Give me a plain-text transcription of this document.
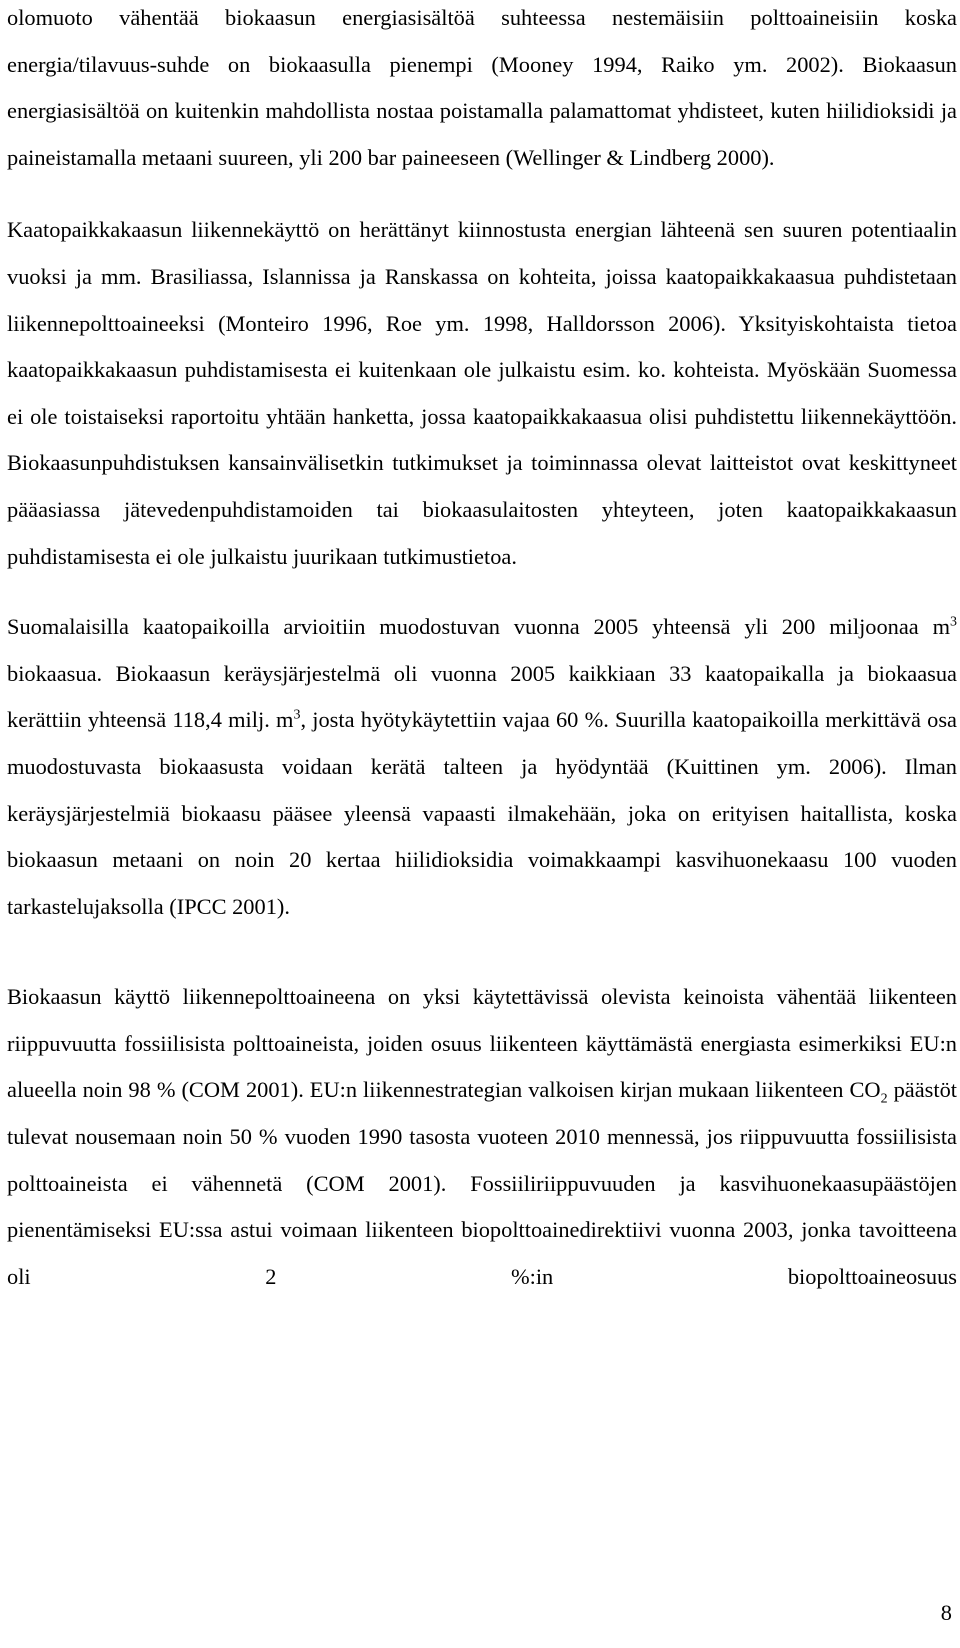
olomuoto vähentää biokaasun energiasisältöä suhteessa nestemäisiin polttoaineisiin koska energia/tilavuus-suhde on biokaasulla pienempi (Mooney 1994, Raiko ym. 2002). Biokaasun energiasisältöä on kuitenkin mahdollista nostaa poistamalla palamattomat yhdisteet, kuten hiilidioksidi ja paineistamalla metaani suureen, yli 200 bar paineeseen (Wellinger & Lindberg 2000).

Kaatopaikkakaasun liikennekäyttö on herättänyt kiinnostusta energian lähteenä sen suuren potentiaalin vuoksi ja mm. Brasiliassa, Islannissa ja Ranskassa on kohteita, joissa kaatopaikkakaasua puhdistetaan liikennepolttoaineeksi (Monteiro 1996, Roe ym. 1998, Halldorsson 2006). Yksityiskohtaista tietoa kaatopaikkakaasun puhdistamisesta ei kuitenkaan ole julkaistu esim. ko. kohteista. Myöskään Suomessa ei ole toistaiseksi raportoitu yhtään hanketta, jossa kaatopaikkakaasua olisi puhdistettu liikennekäyttöön. Biokaasunpuhdistuksen kansainvälisetkin tutkimukset ja toiminnassa olevat laitteistot ovat keskittyneet pääasiassa jätevedenpuhdistamoiden tai biokaasulaitosten yhteyteen, joten kaatopaikkakaasun puhdistamisesta ei ole julkaistu juurikaan tutkimustietoa.

Suomalaisilla kaatopaikoilla arvioitiin muodostuvan vuonna 2005 yhteensä yli 200 miljoonaa $m^3$ biokaasua. Biokaasun keräysjärjestelmä oli vuonna 2005 kaikkiaan 33 kaatopaikalla ja biokaasua kerättiin yhteensä 118,4 milj. $m^3$, josta hyötykäytettiin vajaa 60 %. Suurilla kaatopaikoilla merkittävä osa muodostuvasta biokaasusta voidaan kerätä talteen ja hyödyntää (Kuittinen ym. 2006). Ilman keräysjärjestelmiä biokaasu pääsee yleensä vapaasti ilmakehään, joka on erityisen haitallista, koska biokaasun metaani on noin 20 kertaa hiilidioksidia voimakkaampi kasvihuonekaasu 100 vuoden tarkastelujaksolla (IPCC 2001).

Biokaasun käyttö liikennepolttoaineena on yksi käytettävissä olevista keinoista vähentää liikenteen riippuvuutta fossiilisista polttoaineista, joiden osuus liikenteen käyttämästä energiasta esimerkiksi EU:n alueella noin 98 % (COM 2001). EU:n liikennestrategian valkoisen kirjan mukaan liikenteen $CO_2$ päästöt tulevat nousemaan noin 50 % vuoden 1990 tasosta vuoteen 2010 mennessä, jos riippuvuutta fossiilisista polttoaineista ei vähennetä (COM 2001). Fossiiliriippuvuuden ja kasvihuonekaasupäästöjen pienentämiseksi EU:ssa astui voimaan liikenteen biopolttoainedirektiivi vuonna 2003, jonka tavoitteena oli 2 %:in biopolttoaineosuus

8
